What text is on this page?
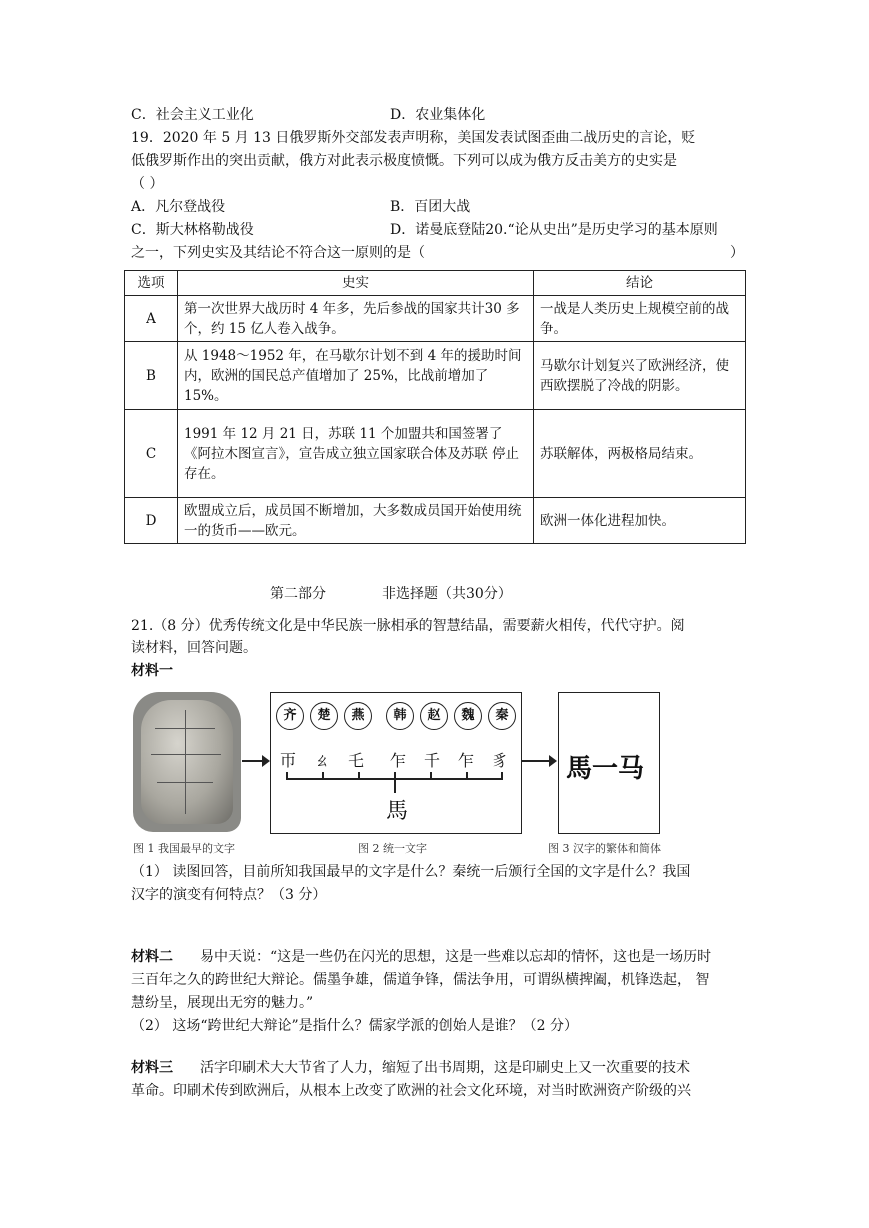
C．社会主义工业化	D．农业集体化
19．2020 年 5 月 13 日俄罗斯外交部发表声明称，美国发表试图歪曲二战历史的言论，贬
低俄罗斯作出的突出贡献，俄方对此表示极度愤慨。下列可以成为俄方反击美方的史实是
（ ）
A．凡尔登战役	B．百团大战
C．斯大林格勒战役	D．诺曼底登陆20.“论从史出”是历史学习的基本原则
之一，下列史实及其结论不符合这一原则的是（	）
选项	史实	结论
A	第一次世界大战历时 4 年多，先后参战的国家共计30 多个，约 15 亿人卷入战争。	一战是人类历史上规模空前的战争。
B	从 1948～1952 年，在马歇尔计划不到 4 年的援助时间内，欧洲的国民总产值增加了 25%，比战前增加了 15%。	马歇尔计划复兴了欧洲经济，使西欧摆脱了冷战的阴影。
C	1991 年 12 月 21 日，苏联 11 个加盟共和国签署了《阿拉木图宣言》，宣告成立独立国家联合体及苏联 停止存在。	苏联解体，两极格局结束。
D	欧盟成立后，成员国不断增加，大多数成员国开始使用统一的货币——欧元。	欧洲一体化进程加快。
第二部分	非选择题（共30分）
21.（8 分）优秀传统文化是中华民族一脉相承的智慧结晶，需要薪火相传，代代守护。阅
读材料，回答问题。
材料一
齐	楚	燕	韩	赵	魏	秦
帀 ㄠ 乇 乍 千 乍 豸
馬
馬一马
图 1 我国最早的文字	图 2 统一文字	图 3 汉字的繁体和简体
（1） 读图回答，目前所知我国最早的文字是什么？秦统一后颁行全国的文字是什么？我国
汉字的演变有何特点？（3 分）
材料二 易中天说：“这是一些仍在闪光的思想，这是一些难以忘却的情怀，这也是一场历时
三百年之久的跨世纪大辩论。儒墨争雄，儒道争锋，儒法争用，可谓纵横捭阖，机锋迭起， 智
慧纷呈，展现出无穷的魅力。”
（2） 这场“跨世纪大辩论”是指什么？儒家学派的创始人是谁？（2 分）
材料三 活字印刷术大大节省了人力，缩短了出书周期，这是印刷史上又一次重要的技术
革命。印刷术传到欧洲后，从根本上改变了欧洲的社会文化环境，对当时欧洲资产阶级的兴
